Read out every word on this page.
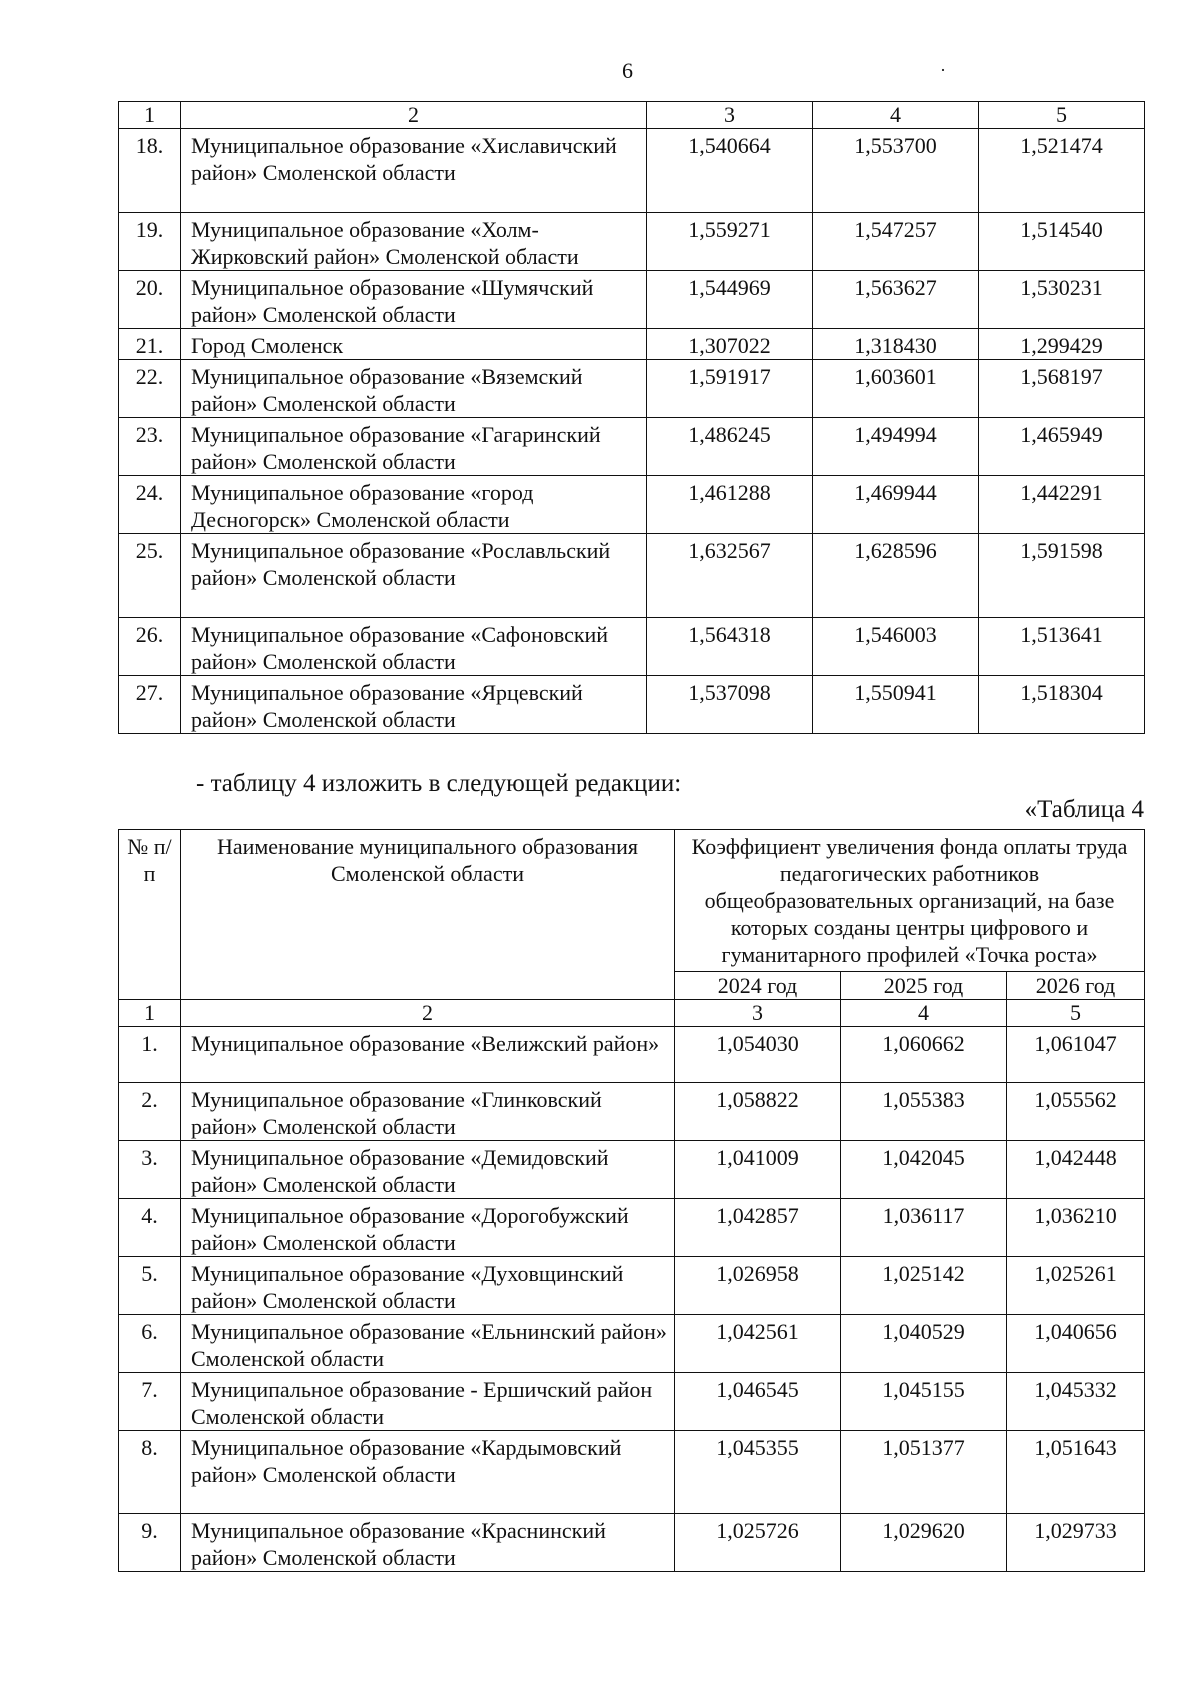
6	·
1	2	3	4	5
18.	Муниципальное образование «Хиславичский район» Смоленской области	1,540664	1,553700	1,521474
19.	Муниципальное образование «Холм-Жирковский район» Смоленской области	1,559271	1,547257	1,514540
20.	Муниципальное образование «Шумячский район» Смоленской области	1,544969	1,563627	1,530231
21.	Город Смоленск	1,307022	1,318430	1,299429
22.	Муниципальное образование «Вяземский район» Смоленской области	1,591917	1,603601	1,568197
23.	Муниципальное образование «Гагаринский район» Смоленской области	1,486245	1,494994	1,465949
24.	Муниципальное образование «город Десногорск» Смоленской области	1,461288	1,469944	1,442291
25.	Муниципальное образование «Рославльский район» Смоленской области	1,632567	1,628596	1,591598
26.	Муниципальное образование «Сафоновский район» Смоленской области	1,564318	1,546003	1,513641
27.	Муниципальное образование «Ярцевский район» Смоленской области	1,537098	1,550941	1,518304
- таблицу 4 изложить в следующей редакции:
«Таблица 4
№ п/п	Наименование муниципального образования Смоленской области	Коэффициент увеличения фонда оплаты труда педагогических работников общеобразовательных организаций, на базе которых созданы центры цифрового и гуманитарного профилей «Точка роста»		
		2024 год	2025 год	2026 год
1	2	3	4	5
1.	Муниципальное образование «Велижский район»	1,054030	1,060662	1,061047
2.	Муниципальное образование «Глинковский район» Смоленской области	1,058822	1,055383	1,055562
3.	Муниципальное образование «Демидовский район» Смоленской области	1,041009	1,042045	1,042448
4.	Муниципальное образование «Дорогобужский район» Смоленской области	1,042857	1,036117	1,036210
5.	Муниципальное образование «Духовщинский район» Смоленской области	1,026958	1,025142	1,025261
6.	Муниципальное образование «Ельнинский район» Смоленской области	1,042561	1,040529	1,040656
7.	Муниципальное образование - Ершичский район Смоленской области	1,046545	1,045155	1,045332
8.	Муниципальное образование «Кардымовский район» Смоленской области	1,045355	1,051377	1,051643
9.	Муниципальное образование «Краснинский район» Смоленской области	1,025726	1,029620	1,029733
